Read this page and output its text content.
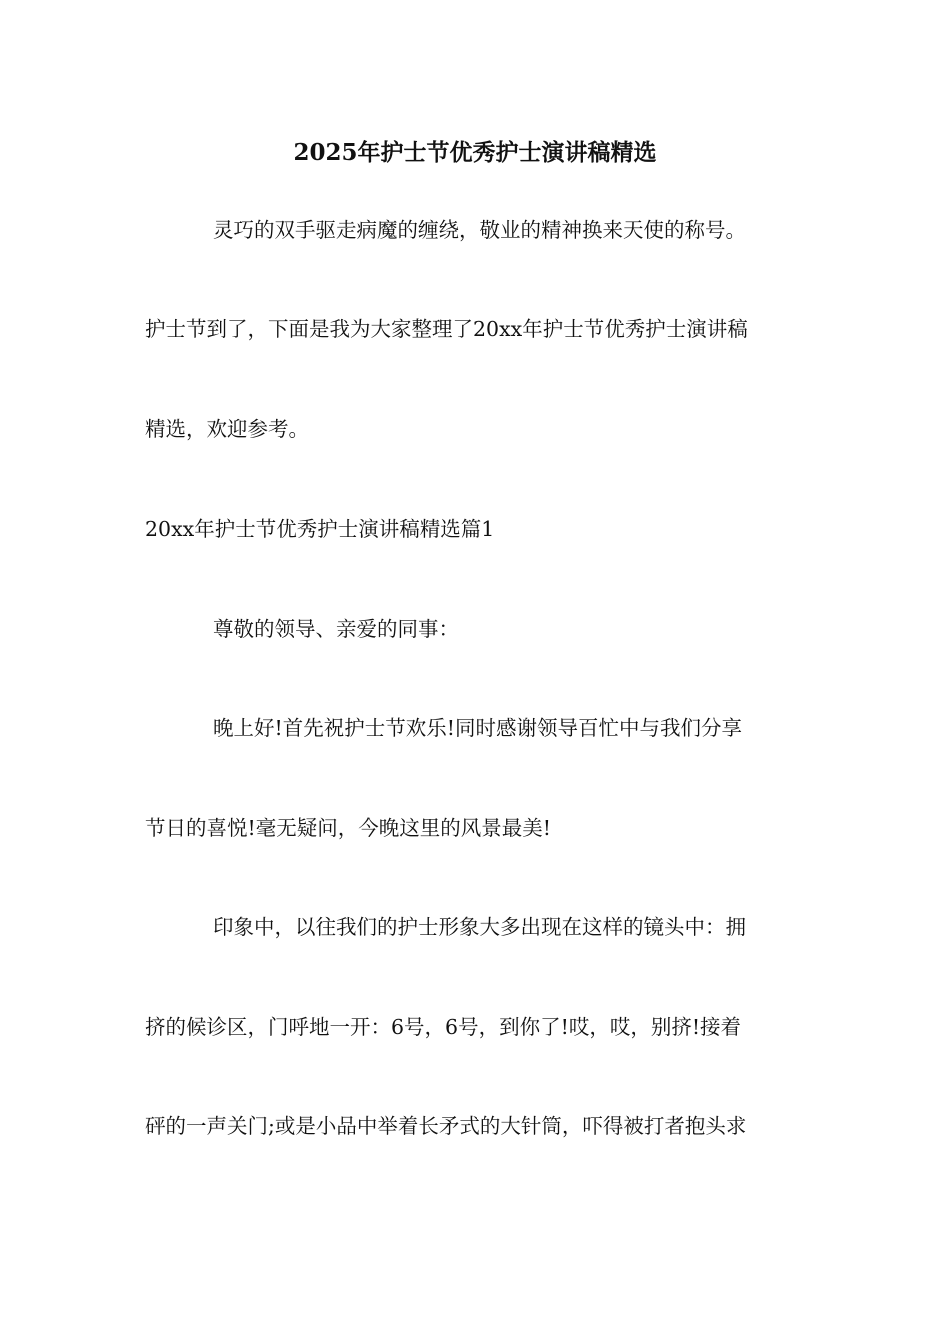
2025年护士节优秀护士演讲稿精选
灵巧的双手驱走病魔的缠绕，敬业的精神换来天使的称号。
护士节到了，下面是我为大家整理了20xx年护士节优秀护士演讲稿
精选，欢迎参考。
20xx年护士节优秀护士演讲稿精选篇1
尊敬的领导、亲爱的同事：
晚上好!首先祝护士节欢乐!同时感谢领导百忙中与我们分享
节日的喜悦!毫无疑问，今晚这里的风景最美!
印象中，以往我们的护士形象大多出现在这样的镜头中：拥
挤的候诊区，门呼地一开：6号，6号，到你了!哎，哎，别挤!接着
砰的一声关门;或是小品中举着长矛式的大针筒，吓得被打者抱头求
